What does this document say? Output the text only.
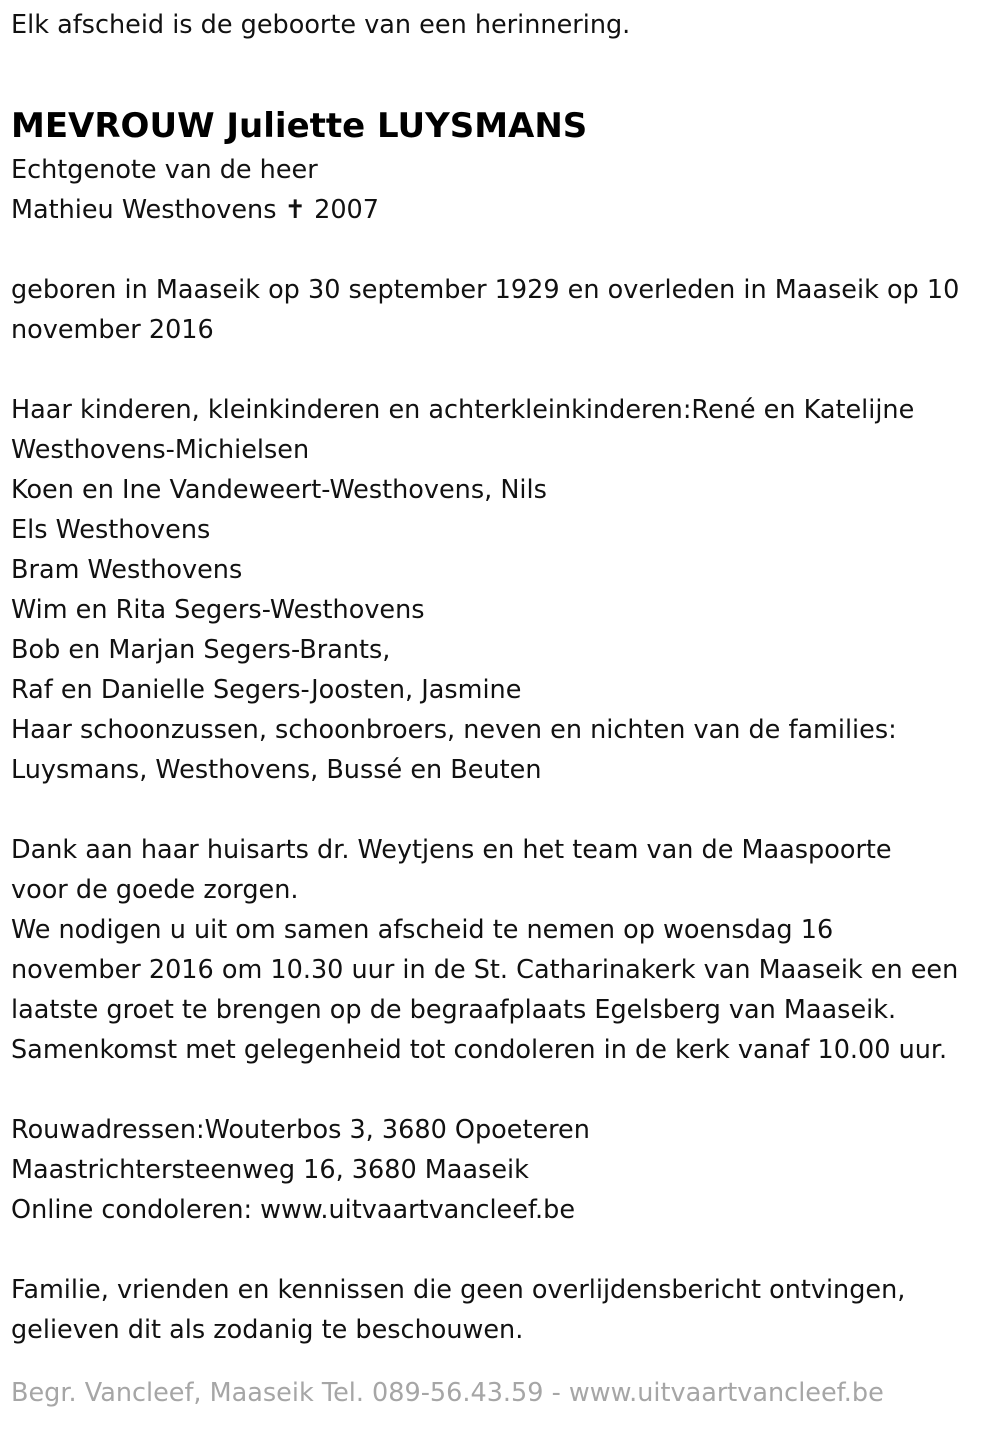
Elk afscheid is de geboorte van een herinnering.
MEVROUW Juliette LUYSMANS
Echtgenote van de heer
Mathieu Westhovens ✝ 2007
geboren in Maaseik op 30 september 1929 en overleden in Maaseik op 10
november 2016
Haar kinderen, kleinkinderen en achterkleinkinderen:René en Katelijne
Westhovens-Michielsen
Koen en Ine Vandeweert-Westhovens, Nils
Els Westhovens
Bram Westhovens
Wim en Rita Segers-Westhovens
Bob en Marjan Segers-Brants,
Raf en Danielle Segers-Joosten, Jasmine
Haar schoonzussen, schoonbroers, neven en nichten van de families:
Luysmans, Westhovens, Bussé en Beuten
Dank aan haar huisarts dr. Weytjens en het team van de Maaspoorte
voor de goede zorgen.
We nodigen u uit om samen afscheid te nemen op woensdag 16
november 2016 om 10.30 uur in de St. Catharinakerk van Maaseik en een
laatste groet te brengen op de begraafplaats Egelsberg van Maaseik.
Samenkomst met gelegenheid tot condoleren in de kerk vanaf 10.00 uur.
Rouwadressen:Wouterbos 3, 3680 Opoeteren
Maastrichtersteenweg 16, 3680 Maaseik
Online condoleren: www.uitvaartvancleef.be
Familie, vrienden en kennissen die geen overlijdensbericht ontvingen,
gelieven dit als zodanig te beschouwen.
Begr. Vancleef, Maaseik Tel. 089-56.43.59 - www.uitvaartvancleef.be
